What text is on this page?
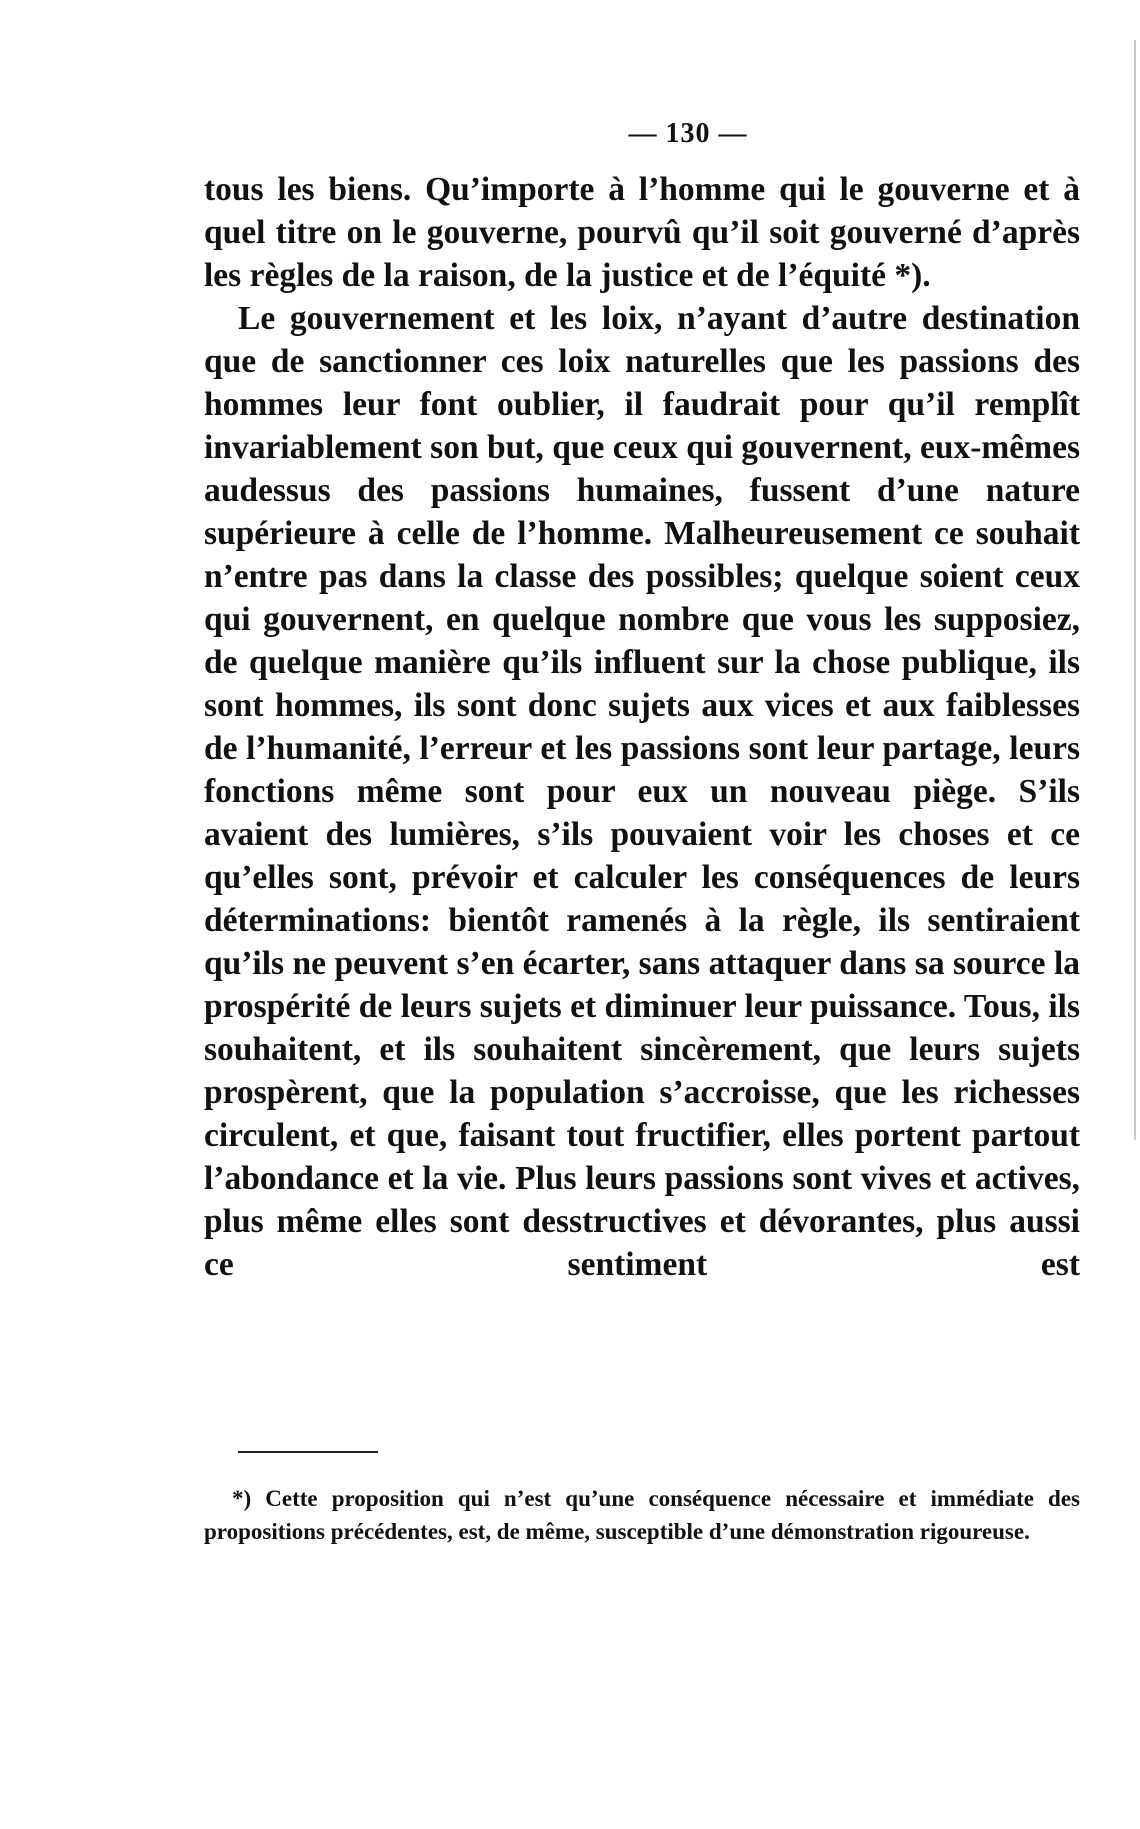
— 130 —

tous les biens. Qu’importe à l’homme qui le gouverne et à quel titre on le gouverne, pourvû qu’il soit gouverné d’après les règles de la raison, de la justice et de l’équité *).

Le gouvernement et les loix, n’ayant d’autre destination que de sanctionner ces loix naturelles que les passions des hommes leur font oublier, il faudrait pour qu’il remplît invariablement son but, que ceux qui gouvernent, eux-mêmes audessus des passions humaines, fussent d’une nature supérieure à celle de l’homme. Malheureusement ce souhait n’entre pas dans la classe des possibles; quelque soient ceux qui gouvernent, en quelque nombre que vous les supposiez, de quelque manière qu’ils influent sur la chose publique, ils sont hommes, ils sont donc sujets aux vices et aux faiblesses de l’humanité, l’erreur et les passions sont leur partage, leurs fonctions même sont pour eux un nouveau piège. S’ils avaient des lumières, s’ils pouvaient voir les choses et ce qu’elles sont, prévoir et calculer les conséquences de leurs déterminations: bientôt ramenés à la règle, ils sentiraient qu’ils ne peuvent s’en écarter, sans attaquer dans sa source la prospérité de leurs sujets et diminuer leur puissance. Tous, ils souhaitent, et ils souhaitent sincèrement, que leurs sujets prospèrent, que la population s’accroisse, que les richesses circulent, et que, faisant tout fructifier, elles portent partout l’abondance et la vie. Plus leurs passions sont vives et actives, plus même elles sont desstructives et dévorantes, plus aussi ce sentiment est

*) Cette proposition qui n’est qu’une conséquence nécessaire et immédiate des propositions précédentes, est, de même, susceptible d’une démonstration rigoureuse.
